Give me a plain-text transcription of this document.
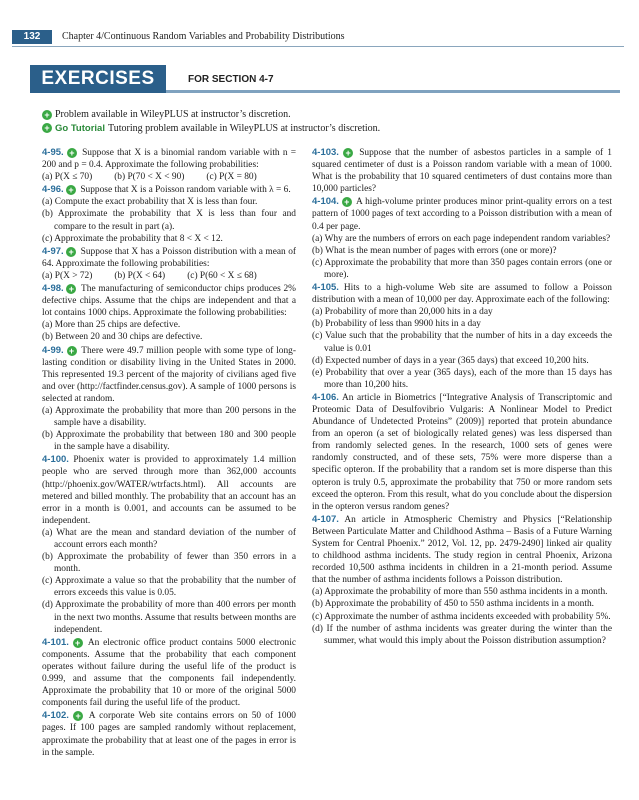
132	Chapter 4/Continuous Random Variables and Probability Distributions
EXERCISES	FOR SECTION 4-7
+ Problem available in WileyPLUS at instructor’s discretion.
+ Go Tutorial Tutoring problem available in WileyPLUS at instructor’s discretion.
4-95. + Suppose that X is a binomial random variable with n = 200 and p = 0.4. Approximate the following probabilities:
(a) P(X ≤ 70) (b) P(70 < X < 90) (c) P(X = 80)
4-96. + Suppose that X is a Poisson random variable with λ = 6.
(a) Compute the exact probability that X is less than four.
(b) Approximate the probability that X is less than four and compare to the result in part (a).
(c) Approximate the probability that 8 < X < 12.
4-97. + Suppose that X has a Poisson distribution with a mean of 64. Approximate the following probabilities:
(a) P(X > 72) (b) P(X < 64) (c) P(60 < X ≤ 68)
4-98. + The manufacturing of semiconductor chips produces 2% defective chips. Assume that the chips are independent and that a lot contains 1000 chips. Approximate the following probabilities:
(a) More than 25 chips are defective.
(b) Between 20 and 30 chips are defective.
4-99. + There were 49.7 million people with some type of long-lasting condition or disability living in the United States in 2000. This represented 19.3 percent of the majority of civilians aged five and over (http://factfinder.census.gov). A sample of 1000 persons is selected at random.
(a) Approximate the probability that more than 200 persons in the sample have a disability.
(b) Approximate the probability that between 180 and 300 people in the sample have a disability.
4-100. Phoenix water is provided to approximately 1.4 million people who are served through more than 362,000 accounts (http://phoenix.gov/WATER/wtrfacts.html). All accounts are metered and billed monthly. The probability that an account has an error in a month is 0.001, and accounts can be assumed to be independent.
(a) What are the mean and standard deviation of the number of account errors each month?
(b) Approximate the probability of fewer than 350 errors in a month.
(c) Approximate a value so that the probability that the number of errors exceeds this value is 0.05.
(d) Approximate the probability of more than 400 errors per month in the next two months. Assume that results between months are independent.
4-101. + An electronic office product contains 5000 electronic components. Assume that the probability that each component operates without failure during the useful life of the product is 0.999, and assume that the components fail independently. Approximate the probability that 10 or more of the original 5000 components fail during the useful life of the product.
4-102. + A corporate Web site contains errors on 50 of 1000 pages. If 100 pages are sampled randomly without replacement, approximate the probability that at least one of the pages in error is in the sample.
4-103. + Suppose that the number of asbestos particles in a sample of 1 squared centimeter of dust is a Poisson random variable with a mean of 1000. What is the probability that 10 squared centimeters of dust contains more than 10,000 particles?
4-104. + A high-volume printer produces minor print-quality errors on a test pattern of 1000 pages of text according to a Poisson distribution with a mean of 0.4 per page.
(a) Why are the numbers of errors on each page independent random variables?
(b) What is the mean number of pages with errors (one or more)?
(c) Approximate the probability that more than 350 pages contain errors (one or more).
4-105. Hits to a high-volume Web site are assumed to follow a Poisson distribution with a mean of 10,000 per day. Approximate each of the following:
(a) Probability of more than 20,000 hits in a day
(b) Probability of less than 9900 hits in a day
(c) Value such that the probability that the number of hits in a day exceeds the value is 0.01
(d) Expected number of days in a year (365 days) that exceed 10,200 hits.
(e) Probability that over a year (365 days), each of the more than 15 days has more than 10,200 hits.
4-106. An article in Biometrics [“Integrative Analysis of Transcriptomic and Proteomic Data of Desulfovibrio Vulgaris: A Nonlinear Model to Predict Abundance of Undetected Proteins” (2009)] reported that protein abundance from an operon (a set of biologically related genes) was less dispersed than from randomly selected genes. In the research, 1000 sets of genes were randomly constructed, and of these sets, 75% were more disperse than a specific opteron. If the probability that a random set is more disperse than this opteron is truly 0.5, approximate the probability that 750 or more random sets exceed the opteron. From this result, what do you conclude about the dispersion in the opteron versus random genes?
4-107. An article in Atmospheric Chemistry and Physics [“Relationship Between Particulate Matter and Childhood Asthma – Basis of a Future Warning System for Central Phoenix.” 2012, Vol. 12, pp. 2479-2490] linked air quality to childhood asthma incidents. The study region in central Phoenix, Arizona recorded 10,500 asthma incidents in children in a 21-month period. Assume that the number of asthma incidents follows a Poisson distribution.
(a) Approximate the probability of more than 550 asthma incidents in a month.
(b) Approximate the probability of 450 to 550 asthma incidents in a month.
(c) Approximate the number of asthma incidents exceeded with probability 5%.
(d) If the number of asthma incidents was greater during the winter than the summer, what would this imply about the Poisson distribution assumption?
